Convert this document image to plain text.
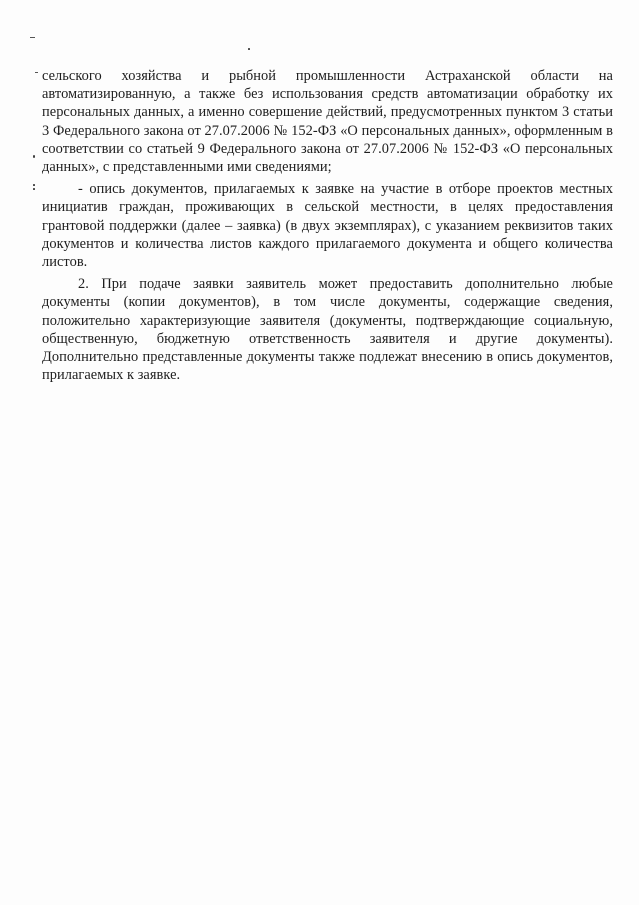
сельского хозяйства и рыбной промышленности Астраханской области на автоматизированную, а также без использования средств автоматизации обработку их персональных данных, а именно совершение действий, предусмотренных пунктом 3 статьи 3 Федерального закона от 27.07.2006 № 152-ФЗ «О персональных данных», оформленным в соответствии со статьей 9 Федерального закона от 27.07.2006 № 152-ФЗ «О персональных данных», с представленными ими сведениями;

- опись документов, прилагаемых к заявке на участие в отборе проектов местных инициатив граждан, проживающих в сельской местности, в целях предоставления грантовой поддержки (далее – заявка) (в двух экземплярах), с указанием реквизитов таких документов и количества листов каждого прилагаемого документа и общего количества листов.

2. При подаче заявки заявитель может предоставить дополнительно любые документы (копии документов), в том числе документы, содержащие сведения, положительно характеризующие заявителя (документы, подтверждающие социальную, общественную, бюджетную ответственность заявителя и другие документы). Дополнительно представленные документы также подлежат внесению в опись документов, прилагаемых к заявке.
